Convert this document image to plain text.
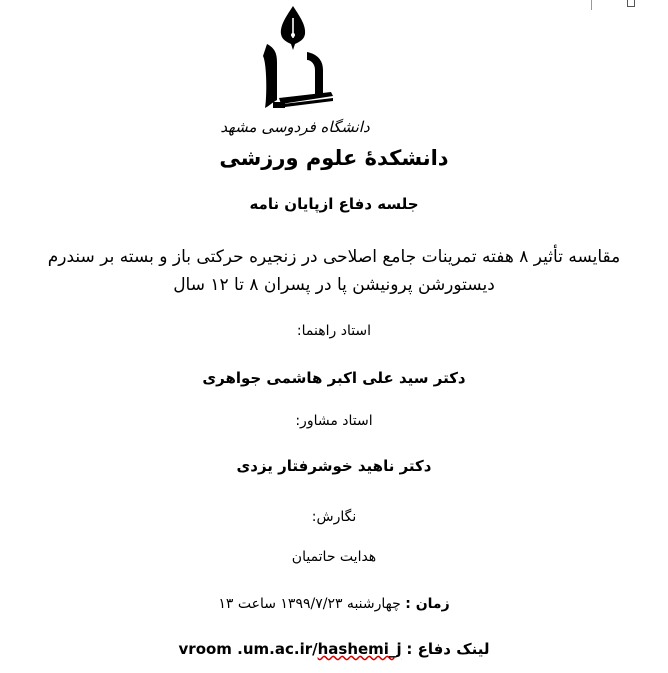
دانشگاه فردوسی مشهد
دانشکدهٔ علوم ورزشی
جلسه دفاع ازپایان نامه
مقایسه تأثیر ۸ هفته تمرینات جامع اصلاحی در زنجیره حرکتی باز و بسته بر سندرم دیستورشن پرونیشن پا در پسران ۸ تا ۱۲ سال
استاد راهنما:
دکتر سید علی اکبر هاشمی جواهری
استاد مشاور:
دکتر ناهید خوشرفتار یزدی
نگارش:
هدایت حاتمیان
زمان : چهارشنبه ۱۳۹۹/۷/۲۳ ساعت ۱۳
لینک دفاع : vroom .um.ac.ir/hashemi_j
